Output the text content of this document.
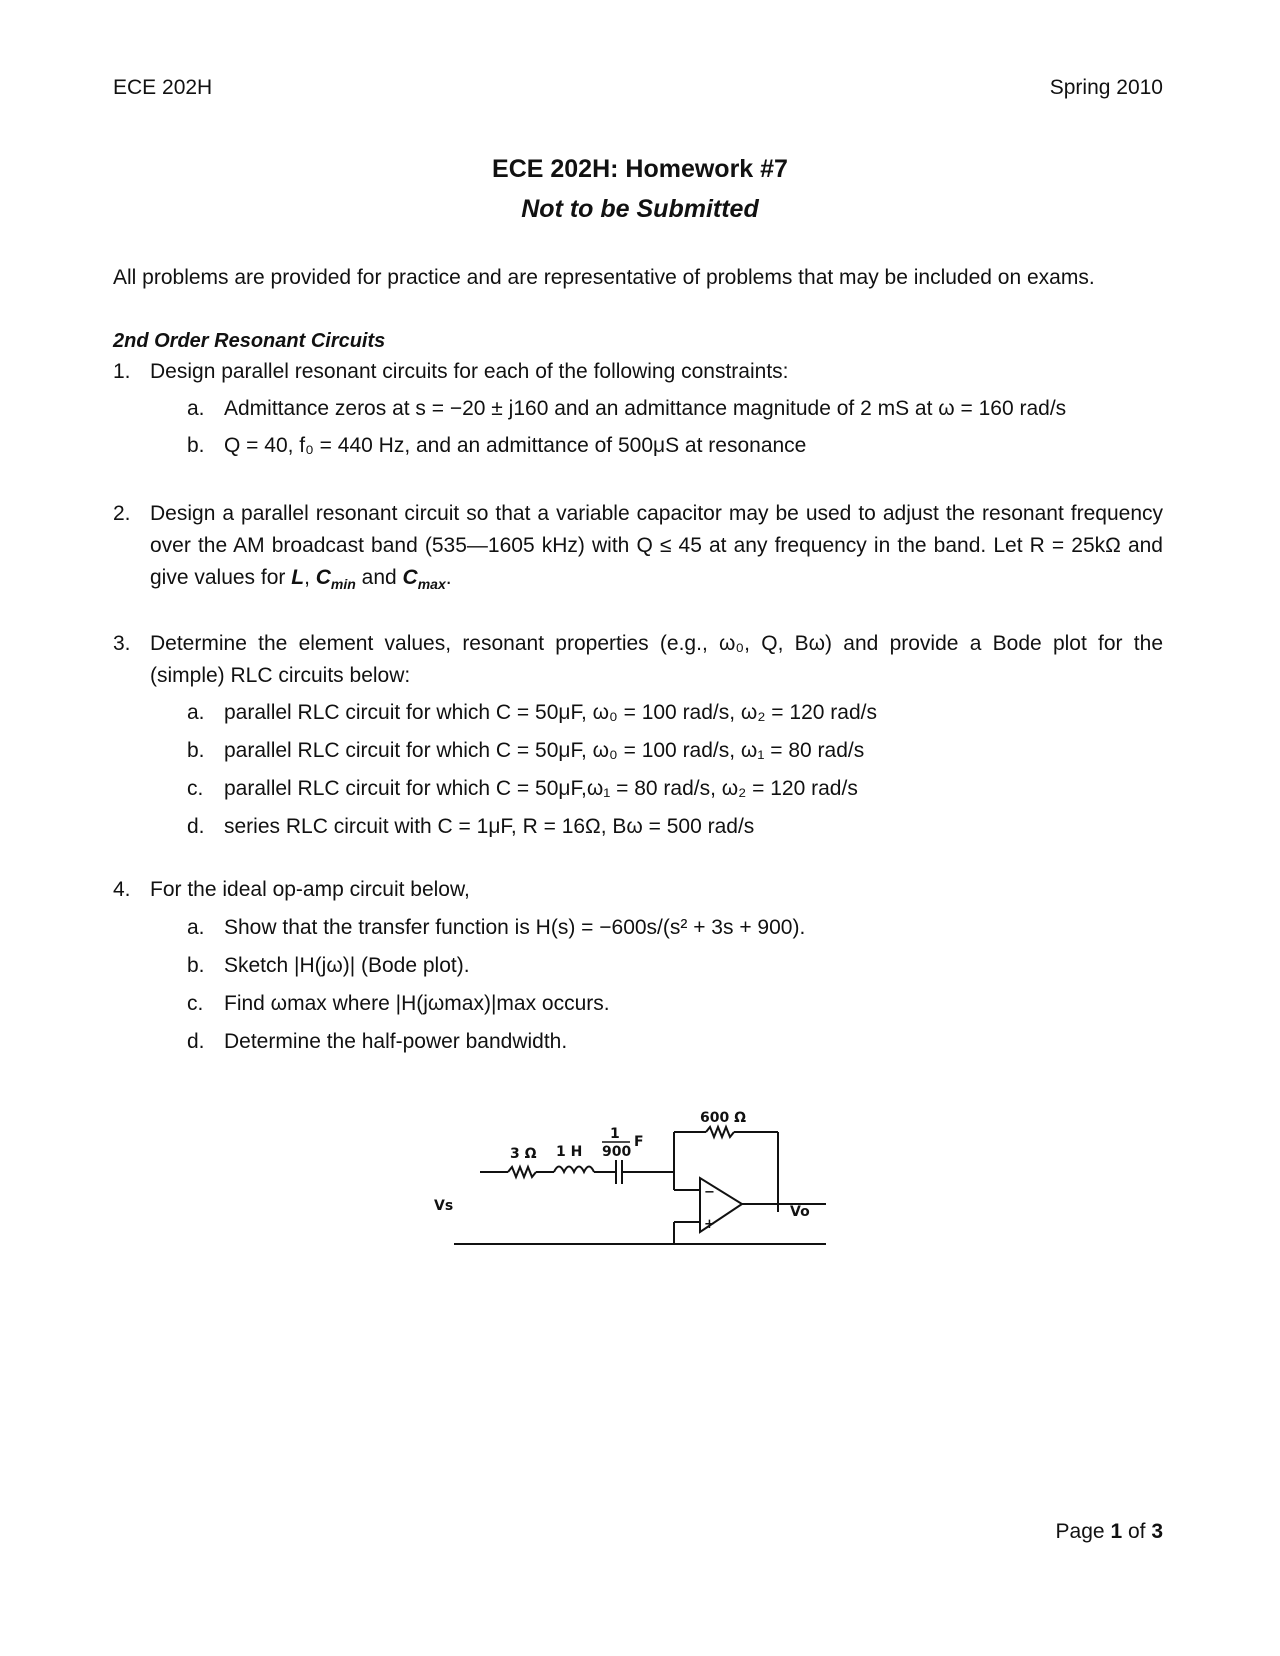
ECE 202H	Spring 2010
ECE 202H: Homework #7
Not to be Submitted
All problems are provided for practice and are representative of problems that may be included on exams.
2nd Order Resonant Circuits
1. Design parallel resonant circuits for each of the following constraints:
a. Admittance zeros at s = −20 ± j160 and an admittance magnitude of 2 mS at ω = 160 rad/s
b. Q = 40, f₀ = 440 Hz, and an admittance of 500μS at resonance
2. Design a parallel resonant circuit so that a variable capacitor may be used to adjust the resonant frequency
over the AM broadcast band (535—1605 kHz) with Q ≤ 45 at any frequency in the band. Let R = 25kΩ and
give values for L, $C_{min}$ and $C_{max}$.
3. Determine the element values, resonant properties (e.g., ω₀, Q, Bω) and provide a Bode plot for the
(simple) RLC circuits below:
a. parallel RLC circuit for which C = 50μF, ω₀ = 100 rad/s, ω₂ = 120 rad/s
b. parallel RLC circuit for which C = 50μF, ω₀ = 100 rad/s, ω₁ = 80 rad/s
c. parallel RLC circuit for which C = 50μF,ω₁ = 80 rad/s, ω₂ = 120 rad/s
d. series RLC circuit with C = 1μF, R = 16Ω, Bω = 500 rad/s
4. For the ideal op-amp circuit below,
a. Show that the transfer function is H(s) = −600s/(s² + 3s + 900).
b. Sketch |H(jω)| (Bode plot).
c. Find ωmax where |H(jωmax)|max occurs.
d. Determine the half-power bandwidth.
600 Ω
3 Ω 1 H
1
900
F
−
+
Vs	Vo
Page 1 of 3
